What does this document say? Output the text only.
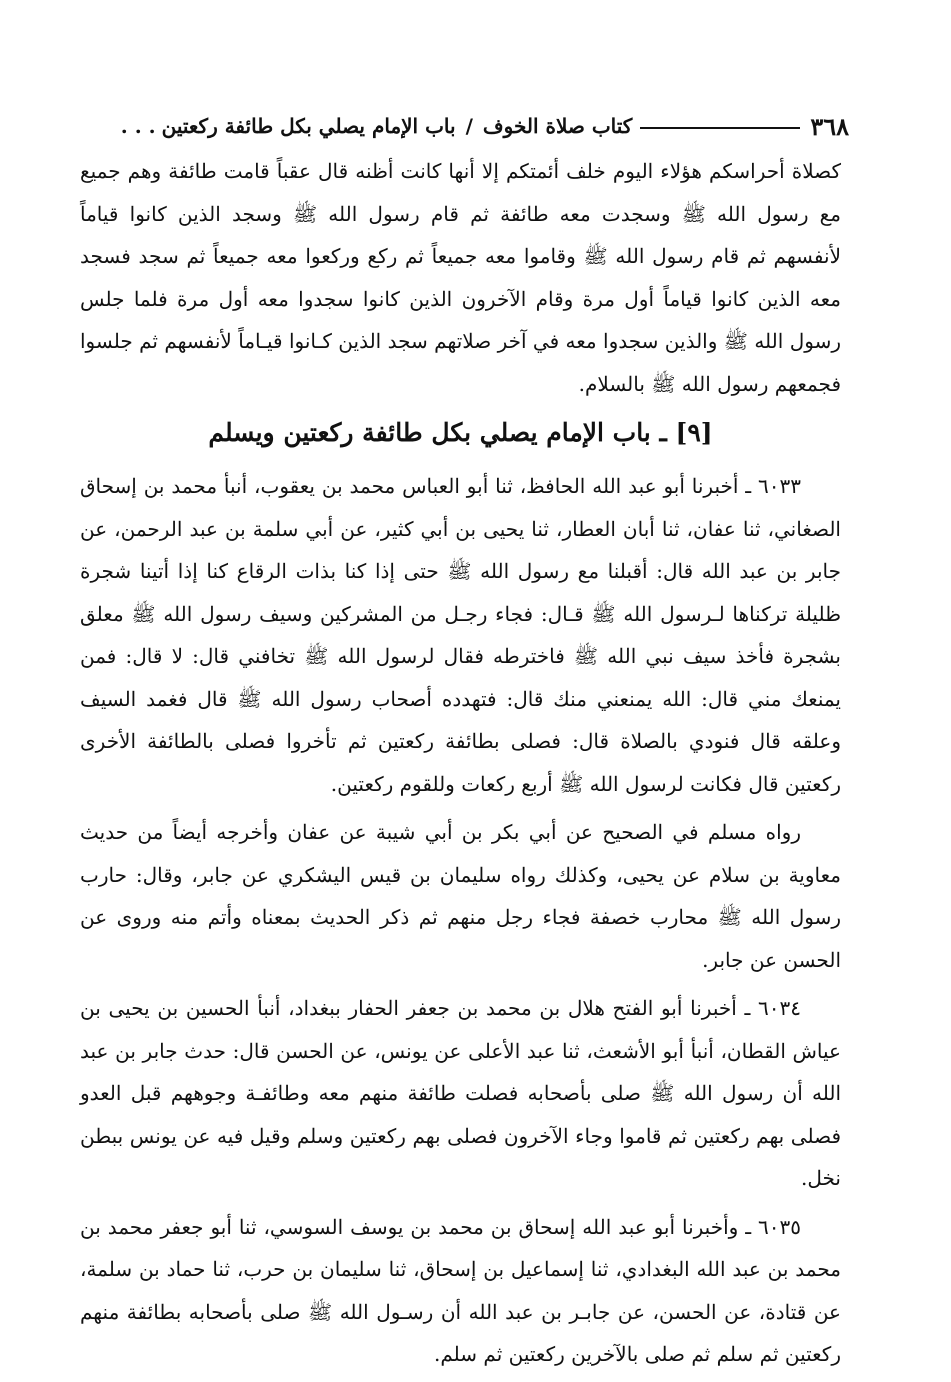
٣٦٨
كتاب صلاة الخوف
/
باب الإمام يصلي بكل طائفة ركعتين
. . .

كصلاة أحراسكم هؤلاء اليوم خلف أئمتكم إلا أنها كانت أظنه قال عقباً قامت طائفة وهم جميع مع رسول الله ﷺ وسجدت معه طائفة ثم قام رسول الله ﷺ وسجد الذين كانوا قياماً لأنفسهم ثم قام رسول الله ﷺ وقاموا معه جميعاً ثم ركع وركعوا معه جميعاً ثم سجد فسجد معه الذين كانوا قياماً أول مرة وقام الآخرون الذين كانوا سجدوا معه أول مرة فلما جلس رسول الله ﷺ والذين سجدوا معه في آخر صلاتهم سجد الذين كـانوا قيـاماً لأنفسهم ثم جلسوا فجمعهم رسول الله ﷺ بالسلام.

[٩] ـ باب الإمام يصلي بكل طائفة ركعتين ويسلم

٦٠٣٣ ـ أخبرنا أبو عبد الله الحافظ، ثنا أبو العباس محمد بن يعقوب، أنبأ محمد بن إسحاق الصغاني، ثنا عفان، ثنا أبان العطار، ثنا يحيى بن أبي كثير، عن أبي سلمة بن عبد الرحمن، عن جابر بن عبد الله قال: أقبلنا مع رسول الله ﷺ حتى إذا كنا بذات الرقاع كنا إذا أتينا شجرة ظليلة تركناها لـرسول الله ﷺ قـال: فجاء رجـل من المشركين وسيف رسول الله ﷺ معلق بشجرة فأخذ سيف نبي الله ﷺ فاخترطه فقال لرسول الله ﷺ تخافني قال: لا قال: فمن يمنعك مني قال: الله يمنعني منك قال: فتهدده أصحاب رسول الله ﷺ قال فغمد السيف وعلقه قال فنودي بالصلاة قال: فصلى بطائفة ركعتين ثم تأخروا فصلى بالطائفة الأخرى ركعتين قال فكانت لرسول الله ﷺ أربع ركعات وللقوم ركعتين.

رواه مسلم في الصحيح عن أبي بكر بن أبي شيبة عن عفان وأخرجه أيضاً من حديث معاوية بن سلام عن يحيى، وكذلك رواه سليمان بن قيس اليشكري عن جابر، وقال: حارب رسول الله ﷺ محارب خصفة فجاء رجل منهم ثم ذكر الحديث بمعناه وأتم منه وروى عن الحسن عن جابر.

٦٠٣٤ ـ أخبرنا أبو الفتح هلال بن محمد بن جعفر الحفار ببغداد، أنبأ الحسين بن يحيى بن عياش القطان، أنبأ أبو الأشعث، ثنا عبد الأعلى عن يونس، عن الحسن قال: حدث جابر بن عبد الله أن رسول الله ﷺ صلى بأصحابه فصلت طائفة منهم معه وطائفـة وجوههم قبل العدو فصلى بهم ركعتين ثم قاموا وجاء الآخرون فصلى بهم ركعتين وسلم وقيل فيه عن يونس ببطن نخل.

٦٠٣٥ ـ وأخبرنا أبو عبد الله إسحاق بن محمد بن يوسف السوسي، ثنا أبو جعفر محمد بن محمد بن عبد الله البغدادي، ثنا إسماعيل بن إسحاق، ثنا سليمان بن حرب، ثنا حماد بن سلمة، عن قتادة، عن الحسن، عن جابـر بن عبد الله أن رسـول الله ﷺ صلى بأصحابه بطائفة منهم ركعتين ثم سلم ثم صلى بالآخرين ركعتين ثم سلم.
